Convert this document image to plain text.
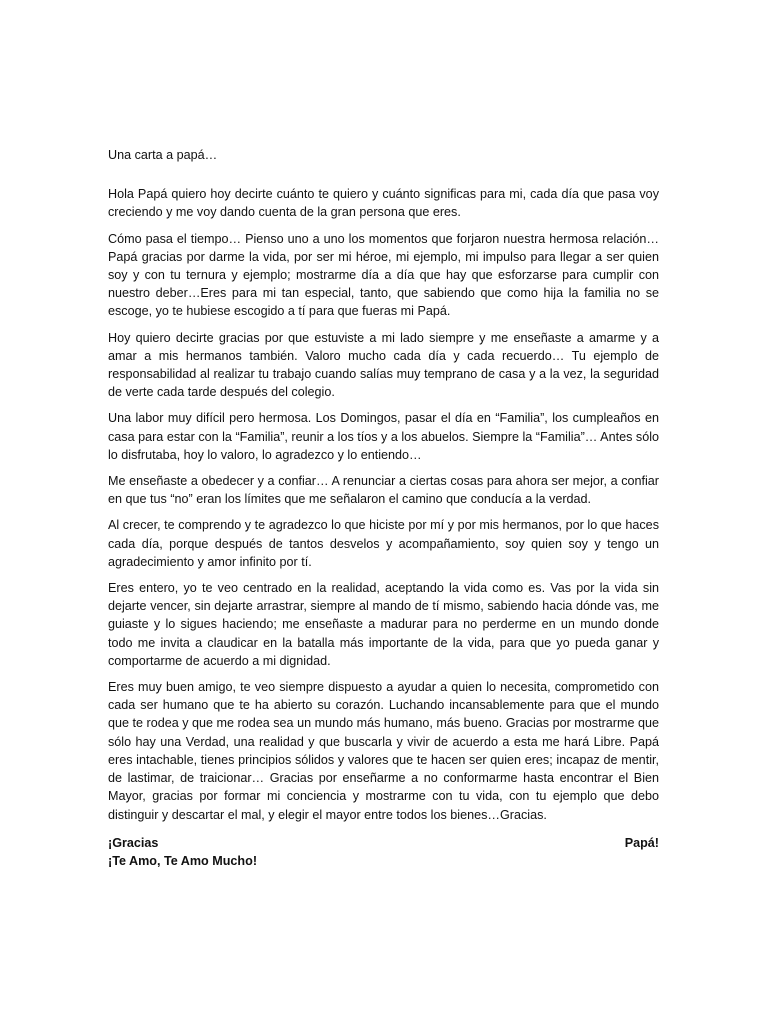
Una carta a papá…

Hola Papá quiero hoy decirte cuánto te quiero y cuánto significas para mi, cada día que pasa voy creciendo y me voy dando cuenta de la gran persona que eres.

Cómo pasa el tiempo… Pienso uno a uno los momentos que forjaron nuestra hermosa relación… Papá gracias por darme la vida, por ser mi héroe, mi ejemplo, mi impulso para llegar a ser quien soy y con tu ternura y ejemplo; mostrarme día a día que hay que esforzarse para cumplir con nuestro deber…Eres para mi tan especial, tanto, que sabiendo que como hija la familia no se escoge, yo te hubiese escogido a tí para que fueras mi Papá.

Hoy quiero decirte gracias por que estuviste a mi lado siempre y me enseñaste a amarme y a amar a mis hermanos también. Valoro mucho cada día y cada recuerdo… Tu ejemplo de responsabilidad al realizar tu trabajo cuando salías muy temprano de casa y a la vez, la seguridad de verte cada tarde después del colegio.

Una labor muy difícil pero hermosa. Los Domingos, pasar el día en “Familia”, los cumpleaños en casa para estar con la “Familia”, reunir a los tíos y a los abuelos. Siempre la “Familia”… Antes sólo lo disfrutaba, hoy lo valoro, lo agradezco y lo entiendo…

Me enseñaste a obedecer y a confiar… A renunciar a ciertas cosas para ahora ser mejor, a confiar en que tus “no” eran los límites que me señalaron el camino que conducía a la verdad.

Al crecer, te comprendo y te agradezco lo que hiciste por mí y por mis hermanos, por lo que haces cada día, porque después de tantos desvelos y acompañamiento, soy quien soy y tengo un agradecimiento y amor infinito por tí.

Eres entero, yo te veo centrado en la realidad, aceptando la vida como es. Vas por la vida sin dejarte vencer, sin dejarte arrastrar, siempre al mando de tí mismo, sabiendo hacia dónde vas, me guiaste y lo sigues haciendo; me enseñaste a madurar para no perderme en un mundo donde todo me invita a claudicar en la batalla más importante de la vida, para que yo pueda ganar y comportarme de acuerdo a mi dignidad.

Eres muy buen amigo, te veo siempre dispuesto a ayudar a quien lo necesita, comprometido con cada ser humano que te ha abierto su corazón. Luchando incansablemente para que el mundo que te rodea y que me rodea sea un mundo más humano, más bueno. Gracias por mostrarme que sólo hay una Verdad, una realidad y que buscarla y vivir de acuerdo a esta me hará Libre. Papá eres intachable, tienes principios sólidos y valores que te hacen ser quien eres; incapaz de mentir, de lastimar, de traicionar… Gracias por enseñarme a no conformarme hasta encontrar el Bien Mayor, gracias por formar mi conciencia y mostrarme con tu vida, con tu ejemplo que debo distinguir y descartar el mal, y elegir el mayor entre todos los bienes…Gracias.

¡Gracias	Papá!
¡Te Amo, Te Amo Mucho!
